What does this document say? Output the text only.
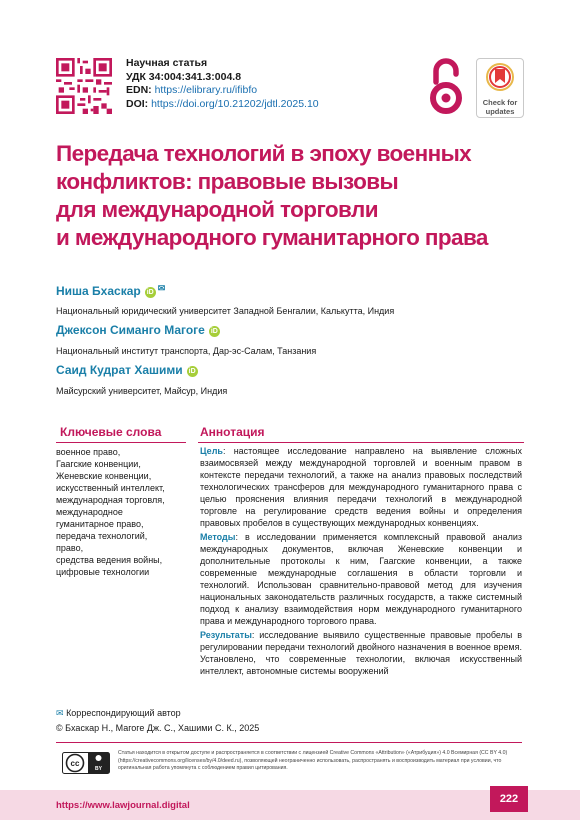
Научная статья
УДК 34:004:341.3:004.8
EDN: https://elibrary.ru/ifibfo
DOI: https://doi.org/10.21202/jdtl.2025.10	Check for updates
Передача технологий в эпоху военных
конфликтов: правовые вызовы
для международной торговли
и международного гуманитарного права
Ниша Бхаскар iD ✉
Национальный юридический университет Западной Бенгалии, Калькутта, Индия
Джексон Симанго Магоге iD
Национальный институт транспорта, Дар-эс-Салам, Танзания
Саид Кудрат Хашими iD
Майсурский университет, Майсур, Индия
Ключевые слова
военное право,
Гаагские конвенции,
Женевские конвенции,
искусственный интеллект,
международная торговля,
международное
гуманитарное право,
передача технологий,
право,
средства ведения войны,
цифровые технологии
Аннотация

Цель: настоящее исследование направлено на выявление сложных взаимосвязей между международной торговлей и военным правом в контексте передачи технологий, а также на анализ правовых последствий технологических трансферов для международного гуманитарного права с целью прояснения влияния передачи технологий в международной торговле на регулирование средств ведения войны и определения правовых пробелов в существующих международных конвенциях.

Методы: в исследовании применяется комплексный правовой анализ международных документов, включая Женевские конвенции и дополнительные протоколы к ним, Гаагские конвенции, а также современные международные соглашения в области торговли и технологий. Использован сравнительно-правовой метод для изучения национальных законодательств различных государств, а также системный подход к анализу взаимодействия норм международного гуманитарного права и международного торгового права.

Результаты: исследование выявило существенные правовые пробелы в регулировании передачи технологий двойного назначения в военное время. Установлено, что современные технологии, включая искусственный интеллект, автономные системы вооружений

✉ Корреспондирующий автор
© Бхаскар Н., Магоге Дж. С., Хашими С. К., 2025
cc
BY
Статья находится в открытом доступе и распространяется в соответствии с лицензией Creative Commons «Attribution» («Атрибуция») 4.0 Всемирная (CC BY 4.0) (https://creativecommons.org/licenses/by/4.0/deed.ru), позволяющей неограниченно использовать, распространять и воспроизводить материал при условии, что оригинальная работа упомянута с соблюдением правил цитирования.
https://www.lawjournal.digital
222
